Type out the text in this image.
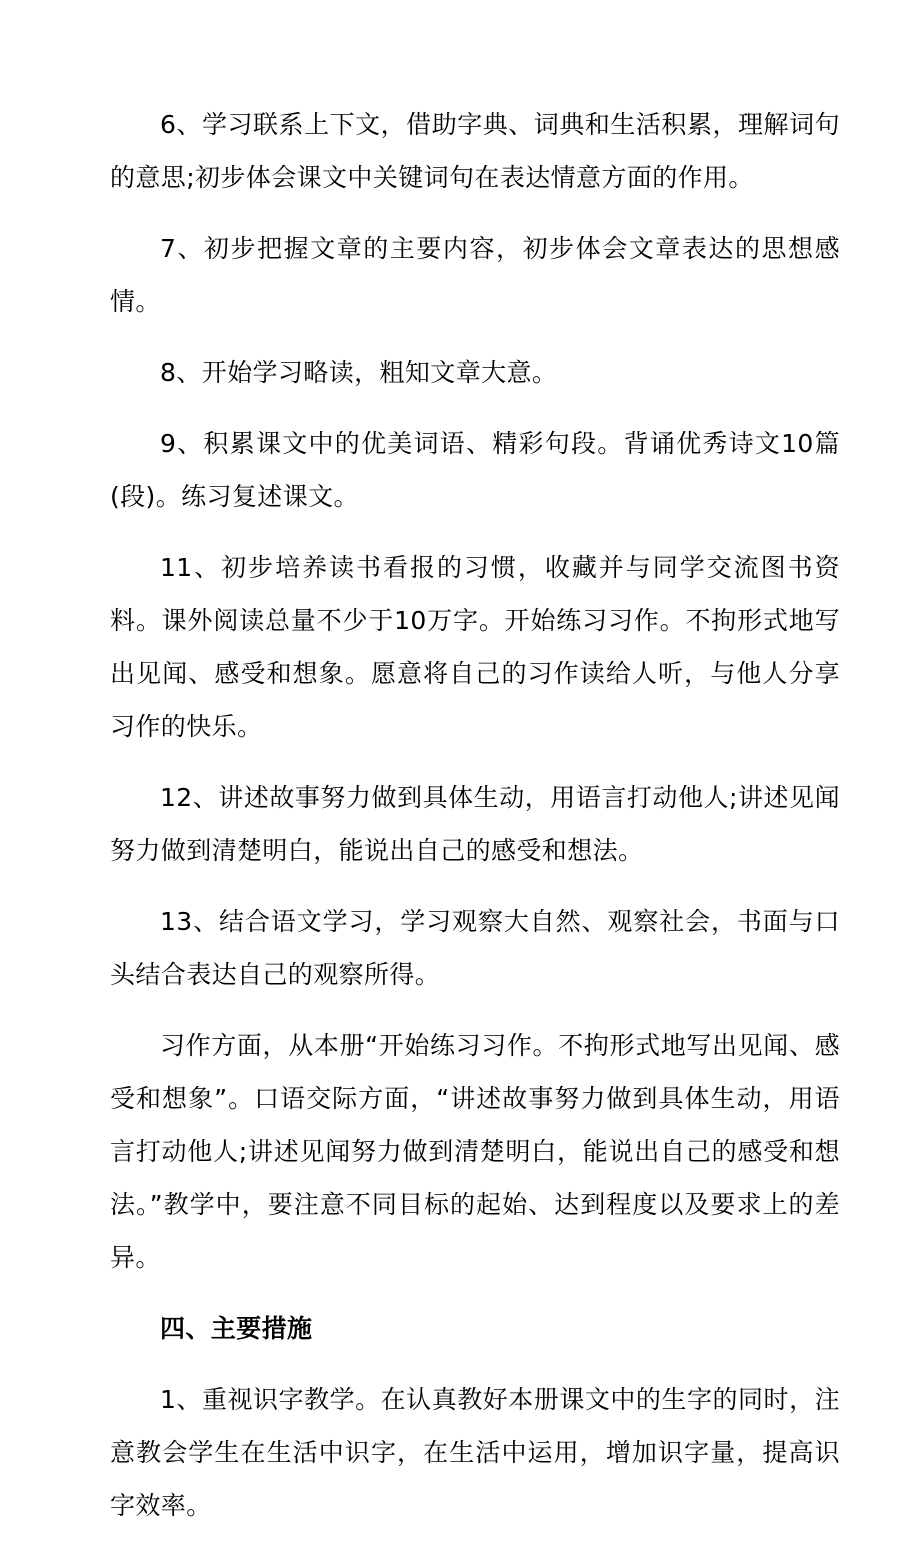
6、学习联系上下文，借助字典、词典和生活积累，理解词句的意思;初步体会课文中关键词句在表达情意方面的作用。

7、初步把握文章的主要内容，初步体会文章表达的思想感情。

8、开始学习略读，粗知文章大意。

9、积累课文中的优美词语、精彩句段。背诵优秀诗文10篇(段)。练习复述课文。

11、初步培养读书看报的习惯，收藏并与同学交流图书资料。课外阅读总量不少于10万字。开始练习习作。不拘形式地写出见闻、感受和想象。愿意将自己的习作读给人听，与他人分享习作的快乐。

12、讲述故事努力做到具体生动，用语言打动他人;讲述见闻努力做到清楚明白，能说出自己的感受和想法。

13、结合语文学习，学习观察大自然、观察社会，书面与口头结合表达自己的观察所得。

习作方面，从本册“开始练习习作。不拘形式地写出见闻、感受和想象”。口语交际方面，“讲述故事努力做到具体生动，用语言打动他人;讲述见闻努力做到清楚明白，能说出自己的感受和想法。”教学中，要注意不同目标的起始、达到程度以及要求上的差异。

四、主要措施

1、重视识字教学。在认真教好本册课文中的生字的同时，注意教会学生在生活中识字，在生活中运用，增加识字量，提高识字效率。
